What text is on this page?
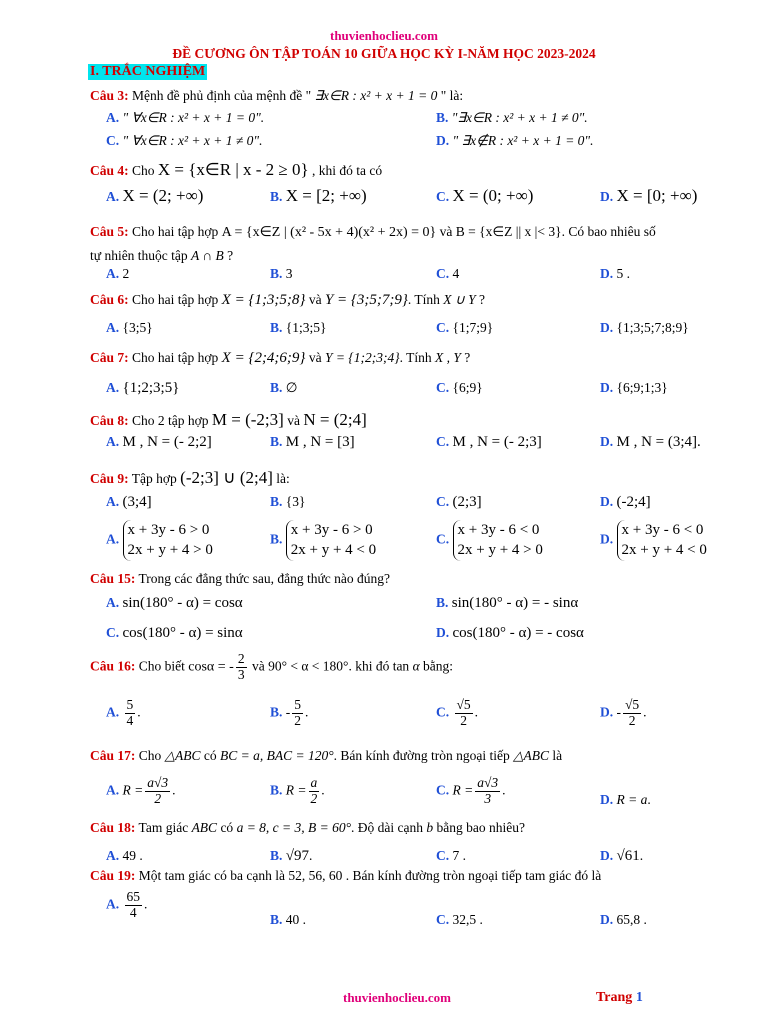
thuvienhoclieu.com
ĐỀ CƯƠNG ÔN TẬP TOÁN 10 GIỮA HỌC KỲ I-NĂM HỌC 2023-2024
I. TRẮC NGHIỆM
Câu 3: Mệnh đề phủ định của mệnh đề " ∃x∈R : x² + x + 1 = 0 " là:
A. " ∀x∈R : x² + x + 1 = 0".	B. "∃x∈R : x² + x + 1 ≠ 0".
C. " ∀x∈R : x² + x + 1 ≠ 0".	D. " ∃x∉R : x² + x + 1 = 0".
Câu 4: Cho X = {x∈R | x - 2 ≥ 0} , khi đó ta có
A. X = (2; +∞)	B. X = [2; +∞)	C. X = (0; +∞)	D. X = [0; +∞)
Câu 5: Cho hai tập hợp A = {x∈Z | (x² - 5x + 4)(x² + 2x) = 0} và B = {x∈Z || x |< 3}. Có bao nhiêu số
tự nhiên thuộc tập A ∩ B ?
A. 2	B. 3	C. 4	D. 5 .
Câu 6: Cho hai tập hợp X = {1;3;5;8} và Y = {3;5;7;9}. Tính X ∪ Y ?
A. {3;5}	B. {1;3;5}	C. {1;7;9}	D. {1;3;5;7;8;9}
Câu 7: Cho hai tập hợp X = {2;4;6;9} và Y = {1;2;3;4}. Tính X , Y ?
A. {1;2;3;5}	B. ∅	C. {6;9}	D. {6;9;1;3}
Câu 8: Cho 2 tập hợp M = (-2;3] và N = (2;4]
A. M , N = (- 2;2]	B. M , N = [3]	C. M , N = (- 2;3]	D. M , N = (3;4].
Câu 9: Tập hợp (-2;3] ∪ (2;4] là:
A. (3;4]	B. {3}	C. (2;3]	D. (-2;4]
A.
x + 3y - 6 > 0
2x + y + 4 > 0
B.
x + 3y - 6 > 0
2x + y + 4 < 0
C.
x + 3y - 6 < 0
2x + y + 4 > 0
D.
x + 3y - 6 < 0
2x + y + 4 < 0
Câu 15: Trong các đẳng thức sau, đẳng thức nào đúng?
A. sin(180° - α) = cosα	B. sin(180° - α) = - sinα
C. cos(180° - α) = sinα	D. cos(180° - α) = - cosα
Câu 16: Cho biết cosα = - $\frac{2}{3}$ và 90° < α < 180°. khi đó tan α bằng:
A. $\frac{5}{4}$ .	B. - $\frac{5}{2}$ .	C. $\frac{√5}{2}$ .	D. - $\frac{√5}{2}$ .
Câu 17: Cho △ABC có BC = a, BAC = 120°. Bán kính đường tròn ngoại tiếp △ABC là
A. $R = \frac{a√3}{2}$ .	B. $R = \frac{a}{2}$ .	C. $R = \frac{a√3}{3}$ .
D. R = a.
Câu 18: Tam giác ABC có a = 8, c = 3, B = 60°. Độ dài cạnh b bằng bao nhiêu?
A. 49 .	B. √97.	C. 7 .	D. √61.
Câu 19: Một tam giác có ba cạnh là 52, 56, 60 . Bán kính đường tròn ngoại tiếp tam giác đó là
A. $\frac{65}{4}$ .
B. 40 .	C. 32,5 .	D. 65,8 .
thuvienhoclieu.com	Trang 1
